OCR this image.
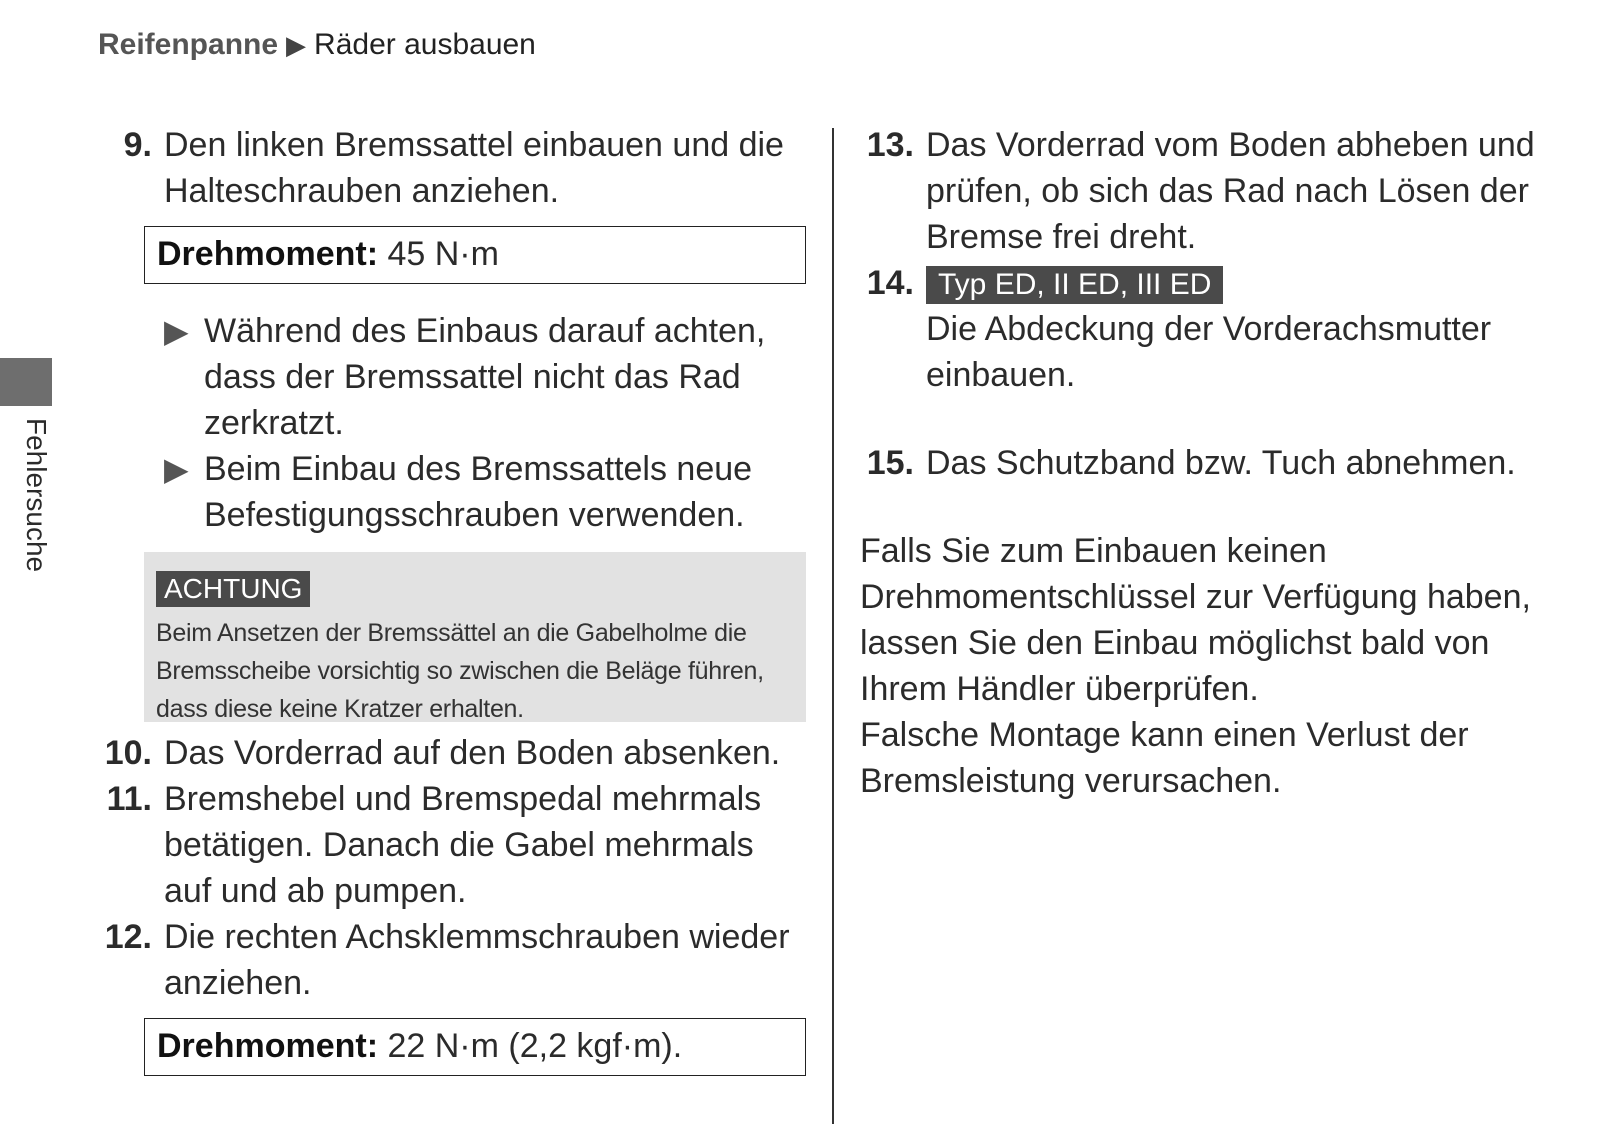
Reifenpanne ▶ Räder ausbauen
Fehlersuche
9. Den linken Bremssattel einbauen und die Halteschrauben anziehen.
Drehmoment: 45 N·m
▶ Während des Einbaus darauf achten, dass der Bremssattel nicht das Rad zerkratzt.
▶ Beim Einbau des Bremssattels neue Befestigungsschrauben verwenden.
ACHTUNG
Beim Ansetzen der Bremssättel an die Gabelholme die Bremsscheibe vorsichtig so zwischen die Beläge führen, dass diese keine Kratzer erhalten.
10. Das Vorderrad auf den Boden absenken.
11. Bremshebel und Bremspedal mehrmals betätigen. Danach die Gabel mehrmals auf und ab pumpen.
12. Die rechten Achsklemmschrauben wieder anziehen.
Drehmoment: 22 N·m (2,2 kgf·m).
13. Das Vorderrad vom Boden abheben und prüfen, ob sich das Rad nach Lösen der Bremse frei dreht.
14. Typ ED, II ED, III ED
Die Abdeckung der Vorderachsmutter einbauen.
15. Das Schutzband bzw. Tuch abnehmen.
Falls Sie zum Einbauen keinen Drehmomentschlüssel zur Verfügung haben, lassen Sie den Einbau möglichst bald von Ihrem Händler überprüfen.
Falsche Montage kann einen Verlust der Bremsleistung verursachen.
